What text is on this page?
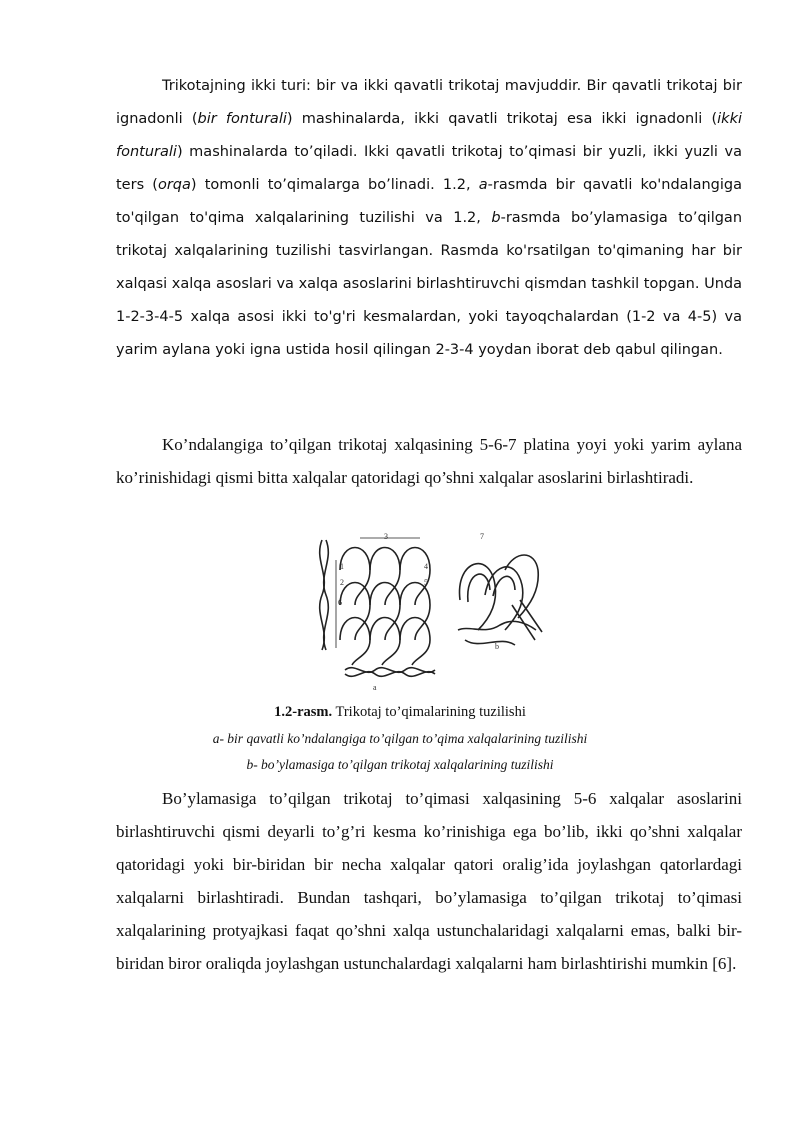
Trikotajning ikki turi: bir va ikki qavatli trikotaj mavjuddir. Bir qavatli trikotaj bir ignadonli (bir fonturali) mashinalarda, ikki qavatli trikotaj esa ikki ignadonli (ikki fonturali) mashinalarda to’qiladi. Ikki qavatli trikotaj to’qimasi bir yuzli, ikki yuzli va ters (orqa) tomonli to’qimalarga bo’linadi. 1.2, a-rasmda bir qavatli ko'ndalangiga to'qilgan to'qima xalqalarining tuzilishi va 1.2, b-rasmda bo’ylamasiga to’qilgan trikotaj xalqalarining tuzilishi tasvirlangan. Rasmda ko'rsatilgan to'qimaning har bir xalqasi xalqa asoslari va xalqa asoslarini birlashtiruvchi qismdan tashkil topgan. Unda 1-2-3-4-5 xalqa asosi ikki to'g'ri kesmalardan, yoki tayoqchalardan (1-2 va 4-5) va yarim aylana yoki igna ustida hosil qilingan 2-3-4 yoydan iborat deb qabul qilingan.

Ko’ndalangiga to’qilgan trikotaj xalqasining 5-6-7 platina yoyi yoki yarim aylana ko’rinishidagi qismi bitta xalqalar qatoridagi qo’shni xalqalar asoslarini birlashtiradi.

a
b
1
2
3
4
5
6
7

1.2-rasm. Trikotaj to’qimalarining tuzilishi

a- bir qavatli ko’ndalangiga to’qilgan to’qima xalqalarining tuzilishi

b- bo’ylamasiga to’qilgan trikotaj xalqalarining tuzilishi

Bo’ylamasiga to’qilgan trikotaj to’qimasi xalqasining 5-6 xalqalar asoslarini birlashtiruvchi qismi deyarli to’g’ri kesma ko’rinishiga ega bo’lib, ikki qo’shni xalqalar qatoridagi yoki bir-biridan bir necha xalqalar qatori oralig’ida joylashgan qatorlardagi xalqalarni birlashtiradi. Bundan tashqari, bo’ylamasiga to’qilgan trikotaj to’qimasi xalqalarining protyajkasi faqat qo’shni xalqa ustunchalaridagi xalqalarni emas, balki bir-biridan biror oraliqda joylashgan ustunchalardagi xalqalarni ham birlashtirishi mumkin [6].
